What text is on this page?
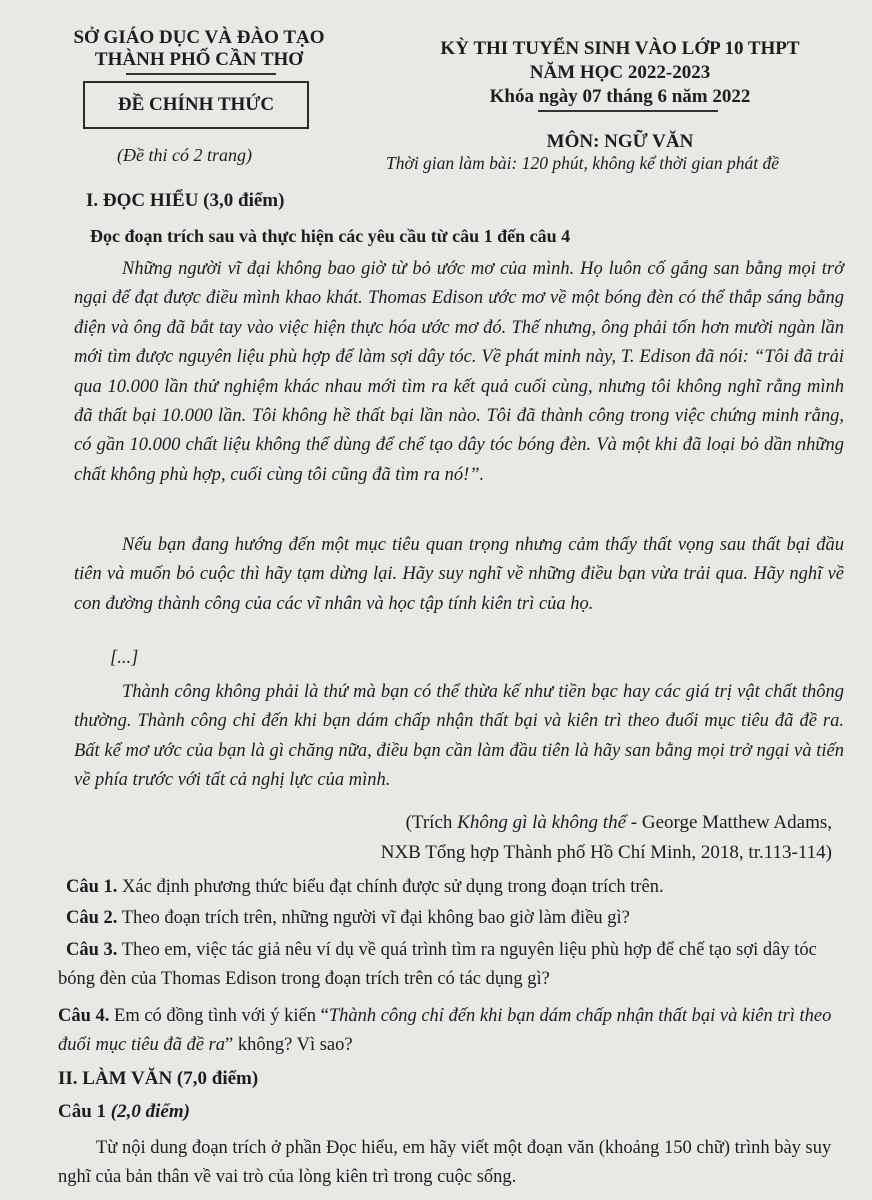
SỞ GIÁO DỤC VÀ ĐÀO TẠO
THÀNH PHỐ CẦN THƠ
KỲ THI TUYỂN SINH VÀO LỚP 10 THPT
NĂM HỌC 2022-2023
Khóa ngày 07 tháng 6 năm 2022
ĐỀ CHÍNH THỨC
MÔN: NGỮ VĂN
(Đề thi có 2 trang)	Thời gian làm bài: 120 phút, không kể thời gian phát đề
I. ĐỌC HIỂU (3,0 điểm)
Đọc đoạn trích sau và thực hiện các yêu cầu từ câu 1 đến câu 4
Những người vĩ đại không bao giờ từ bỏ ước mơ của mình. Họ luôn cố gắng san bằng mọi trở ngại để đạt được điều mình khao khát. Thomas Edison ước mơ về một bóng đèn có thể thắp sáng bằng điện và ông đã bắt tay vào việc hiện thực hóa ước mơ đó. Thế nhưng, ông phải tốn hơn mười ngàn lần mới tìm được nguyên liệu phù hợp để làm sợi dây tóc. Về phát minh này, T. Edison đã nói: “Tôi đã trải qua 10.000 lần thử nghiệm khác nhau mới tìm ra kết quả cuối cùng, nhưng tôi không nghĩ rằng mình đã thất bại 10.000 lần. Tôi không hề thất bại lần nào. Tôi đã thành công trong việc chứng minh rằng, có gần 10.000 chất liệu không thể dùng để chế tạo dây tóc bóng đèn. Và một khi đã loại bỏ dần những chất không phù hợp, cuối cùng tôi cũng đã tìm ra nó!”.
Nếu bạn đang hướng đến một mục tiêu quan trọng nhưng cảm thấy thất vọng sau thất bại đầu tiên và muốn bỏ cuộc thì hãy tạm dừng lại. Hãy suy nghĩ về những điều bạn vừa trải qua. Hãy nghĩ về con đường thành công của các vĩ nhân và học tập tính kiên trì của họ.
[...]
Thành công không phải là thứ mà bạn có thể thừa kế như tiền bạc hay các giá trị vật chất thông thường. Thành công chỉ đến khi bạn dám chấp nhận thất bại và kiên trì theo đuổi mục tiêu đã đề ra. Bất kể mơ ước của bạn là gì chăng nữa, điều bạn cần làm đầu tiên là hãy san bằng mọi trở ngại và tiến về phía trước với tất cả nghị lực của mình.
(Trích Không gì là không thể - George Matthew Adams,
NXB Tổng hợp Thành phố Hồ Chí Minh, 2018, tr.113-114)
Câu 1. Xác định phương thức biểu đạt chính được sử dụng trong đoạn trích trên.
Câu 2. Theo đoạn trích trên, những người vĩ đại không bao giờ làm điều gì?
Câu 3. Theo em, việc tác giả nêu ví dụ về quá trình tìm ra nguyên liệu phù hợp để chế tạo sợi dây tóc bóng đèn của Thomas Edison trong đoạn trích trên có tác dụng gì?
Câu 4. Em có đồng tình với ý kiến “Thành công chỉ đến khi bạn dám chấp nhận thất bại và kiên trì theo đuổi mục tiêu đã đề ra” không? Vì sao?
II. LÀM VĂN (7,0 điểm)
Câu 1 (2,0 điểm)
Từ nội dung đoạn trích ở phần Đọc hiểu, em hãy viết một đoạn văn (khoảng 150 chữ) trình bày suy nghĩ của bản thân về vai trò của lòng kiên trì trong cuộc sống.
